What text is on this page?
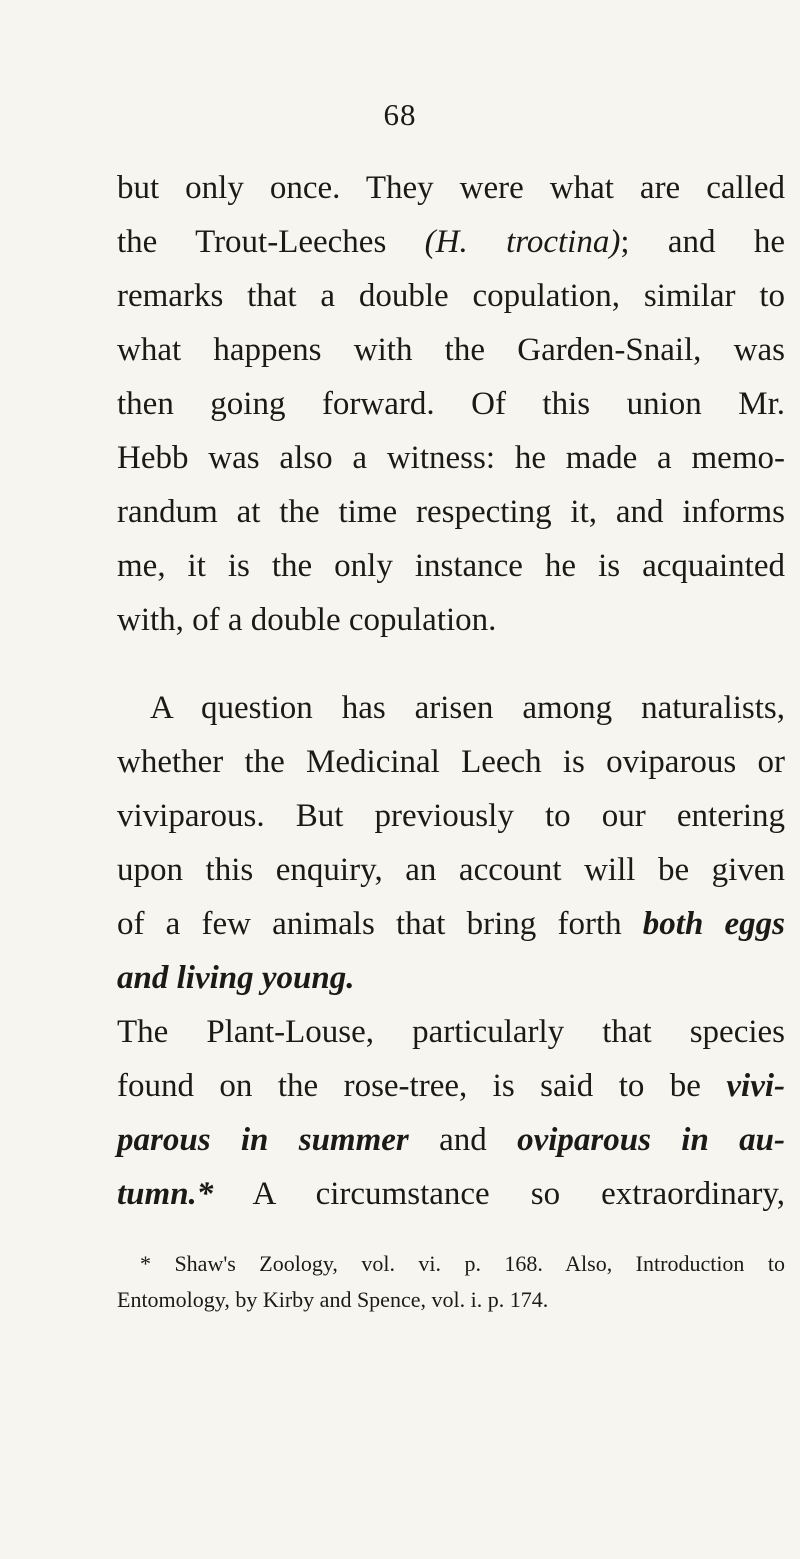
68
but only once. They were what are called
the Trout-Leeches (H. troctina); and he
remarks that a double copulation, similar to
what happens with the Garden-Snail, was
then going forward. Of this union Mr.
Hebb was also a witness: he made a memo-
randum at the time respecting it, and informs
me, it is the only instance he is acquainted
with, of a double copulation.
A question has arisen among naturalists,
whether the Medicinal Leech is oviparous or
viviparous. But previously to our entering
upon this enquiry, an account will be given
of a few animals that bring forth both eggs
and living young.
The Plant-Louse, particularly that species
found on the rose-tree, is said to be vivi-
parous in summer and oviparous in au-
tumn.* A circumstance so extraordinary,
* Shaw's Zoology, vol. vi. p. 168. Also, Introduction to
Entomology, by Kirby and Spence, vol. i. p. 174.
